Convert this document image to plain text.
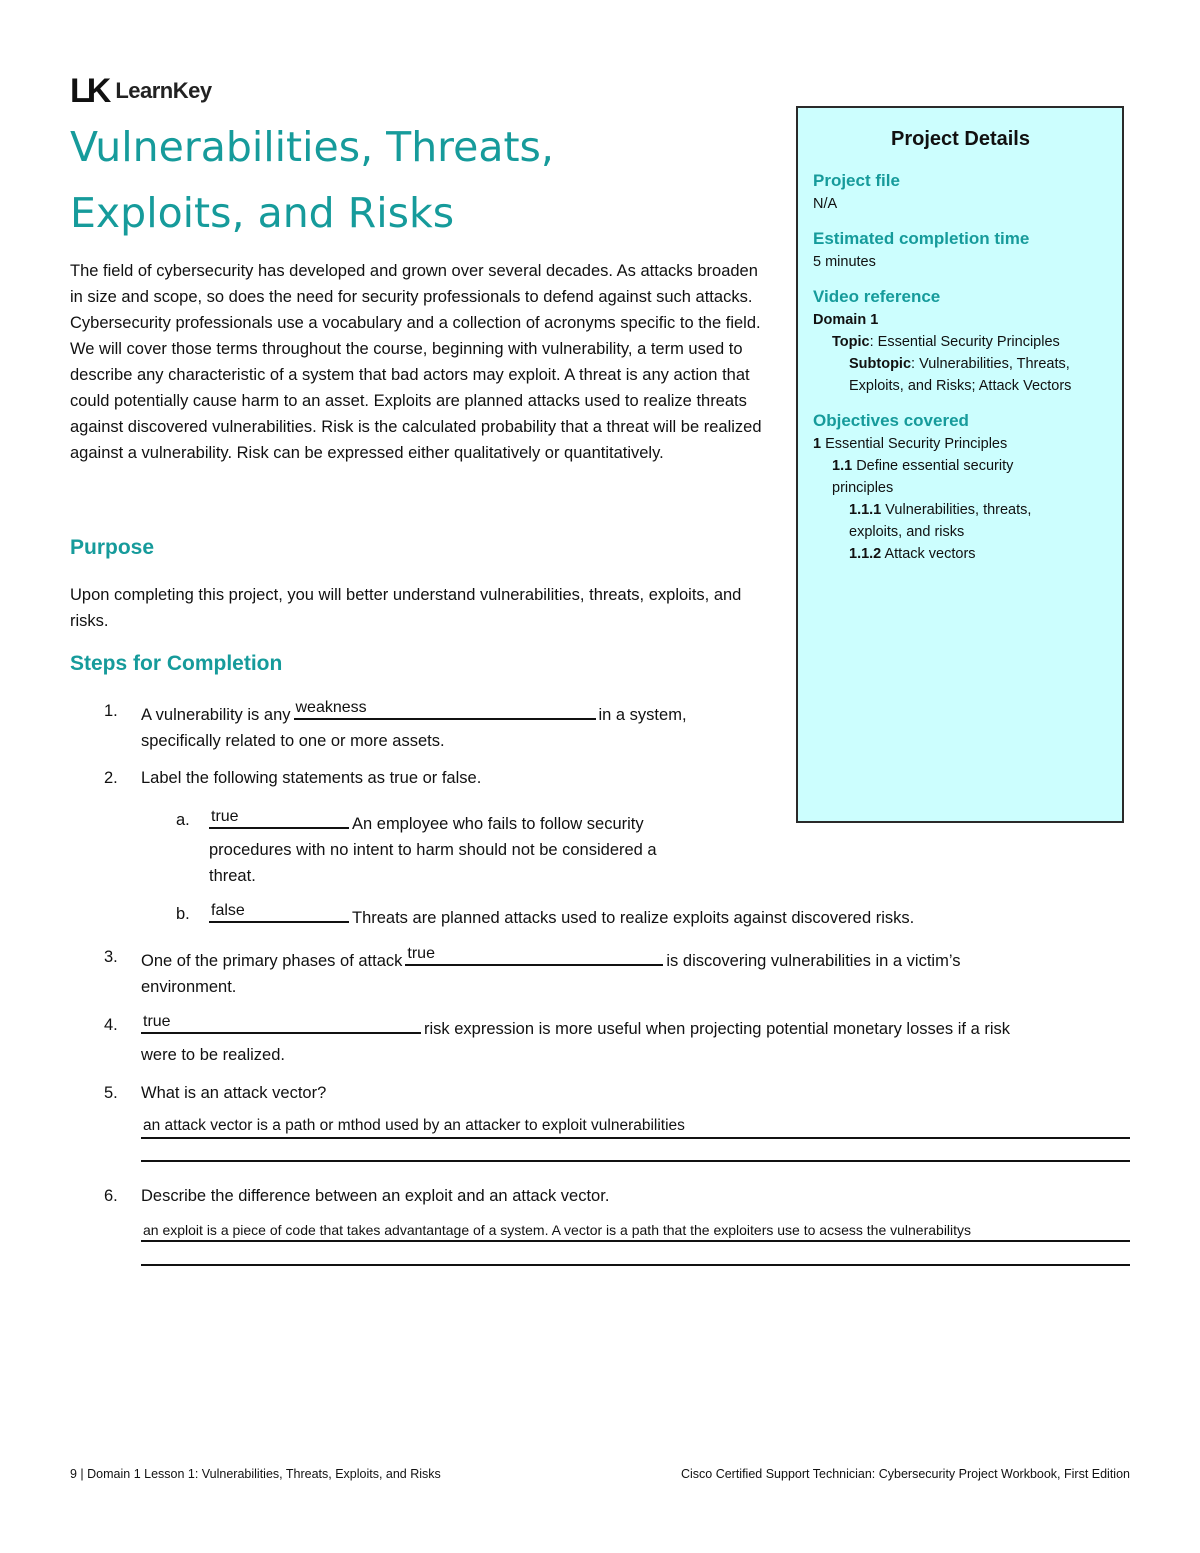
LK LearnKey
Vulnerabilities, Threats,
Exploits, and Risks

The field of cybersecurity has developed and grown over several decades. As attacks broaden in size and scope, so does the need for security professionals to defend against such attacks. Cybersecurity professionals use a vocabulary and a collection of acronyms specific to the field. We will cover those terms throughout the course, beginning with vulnerability, a term used to describe any characteristic of a system that bad actors may exploit. A threat is any action that could potentially cause harm to an asset. Exploits are planned attacks used to realize threats against discovered vulnerabilities. Risk is the calculated probability that a threat will be realized against a vulnerability. Risk can be expressed either qualitatively or quantitatively.

Purpose

Upon completing this project, you will better understand vulnerabilities, threats, exploits, and risks.

Steps for Completion
1. A vulnerability is any weakness	in a system,
specifically related to one or more assets.

2. Label the following statements as true or false.

a. true	An employee who fails to follow security
procedures with no intent to harm should not be considered a
threat.

b. false	Threats are planned attacks used to realize exploits against discovered risks.

3. One of the primary phases of attack true	is discovering vulnerabilities in a victim’s
environment.

4. true	risk expression is more useful when projecting potential monetary losses if a risk
were to be realized.

5. What is an attack vector?

an attack vector is a path or mthod used by an attacker to exploit vulnerabilities
6. Describe the difference between an exploit and an attack vector.

an exploit is a piece of code that takes advantantage of a system. A vector is a path that the exploiters use to acsess the vulnerabilitys

Project Details

Project file

N/A

Estimated completion time

5 minutes

Video reference

Domain 1

Topic: Essential Security Principles

Subtopic: Vulnerabilities, Threats,

Exploits, and Risks; Attack Vectors

Objectives covered

1 Essential Security Principles

1.1 Define essential security

principles

1.1.1 Vulnerabilities, threats,

exploits, and risks

1.1.2 Attack vectors

9 | Domain 1 Lesson 1: Vulnerabilities, Threats, Exploits, and Risks	Cisco Certified Support Technician: Cybersecurity Project Workbook, First Edition
